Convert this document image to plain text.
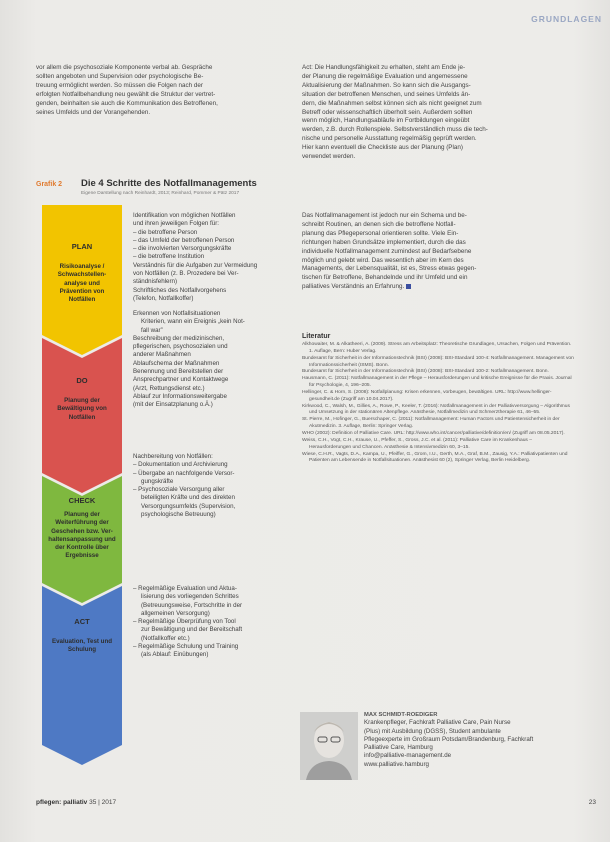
GRUNDLAGEN
vor allem die psychosoziale Komponente verbal ab. Gespräche
sollten angeboten und Supervision oder psychologische Be-
treuung ermöglicht werden. So müssen die Folgen nach der
erfolgten Notfallbehandlung neu gewählt die Struktur der vertret-
genden, beinhalten sie auch die Kommunikation des Betroffenen,
seines Umfelds und der Vorangehenden.
Act: Die Handlungsfähigkeit zu erhalten, steht am Ende je-
der Planung die regelmäßige Evaluation und angemessene
Aktualisierung der Maßnahmen. So kann sich die Ausgangs-
situation der betroffenen Menschen, und seines Umfelds än-
dern, die Maßnahmen selbst können sich als nicht geeignet zum
Betreff oder wissenschaftlich überholt sein. Außerdem sollten
wenn möglich, Handlungsabläufe im Fortbildungen eingeübt
werden, z.B. durch Rollenspiele. Selbstverständlich muss die tech-
nische und personelle Ausstattung regelmäßig geprüft werden.
Hier kann eventuell die Checkliste aus der Planung (Plan)
verwendet werden.
Das Notfallmanagement ist jedoch nur ein Schema und be-
schreibt Routinen, an denen sich die betroffene Notfall-
planung das Pflegepersonal orientieren sollte. Viele Ein-
richtungen haben Grundsätze implementiert, durch die das
individuelle Notfallmanagement zumindest auf Bedarfsebene
möglich und gelebt wird. Das wesentlich aber im Kern des
Managements, der Lebensqualität, ist es, Stress etwas gegen-
tischen für Betroffene, Behandelnde und ihr Umfeld und ein
palliatives Verständnis an Erfahrung.
Grafik 2 Die 4 Schritte des Notfallmanagements
Eigene Darstellung nach Reinhardt, 2013; Reinhard, Pommer & Pätz 2017
PLAN
Risikoanalyse /
Schwachstellen-
analyse und
Prävention von
Notfällen
DO
Planung der
Bewältigung von
Notfällen
CHECK
Planung der
Weiterführung der
Geschehen bzw. Ver-
haltensanpassung und
der Kontrolle über
Ergebnisse
ACT
Evaluation, Test und
Schulung
Identifikation von möglichen Notfällen
und ihren jeweiligen Folgen für:
– die betroffene Person
– das Umfeld der betroffenen Person
– die involvierten Versorgungskräfte
– die betroffene Institution
Verständnis für die Aufgaben zur Vermeidung
von Notfällen (z. B. Prozedere bei Ver-
ständnisfehlern)
Schriftliches des Notfallvorgehens
(Telefon, Notfallkoffer)
Erkennen von Notfallsituationen
Kriterien, wann ein Ereignis „kein Not-
fall war”
Beschreibung der medizinischen,
pflegerischen, psychosozialen und
anderer Maßnahmen
Ablaufschema der Maßnahmen
Benennung und Bereitstellen der
Ansprechpartner und Kontaktwege
(Arzt, Rettungsdienst etc.)
Ablauf zur Informationsweitergabe
(mit der Einsatzplanung o.Ä.)
Nachbereitung von Notfällen:
– Dokumentation und Archivierung
– Übergabe an nachfolgende Versor-
gungskräfte
– Psychosoziale Versorgung aller
beteiligten Kräfte und des direkten
Versorgungsumfelds (Supervision,
psychologische Betreuung)
– Regelmäßige Evaluation und Aktua-
lisierung des vorliegenden Schrittes
(Betreuungsweise, Fortschritte in der
allgemeinen Versorgung)
– Regelmäßige Überprüfung von Tool
zur Bewältigung und der Bereitschaft
(Notfallkoffer etc.)
– Regelmäßige Schulung und Training
(als Ablauf: Einübungen)
Literatur
Alkhowaiter, M. & Alkatheeri, A. (2009). Stress am Arbeitsplatz: Theoretische Grundlagen, Ursachen, Folgen und Prävention. 1. Auflage, Bern: Huber Verlag.
Bundesamt für Sicherheit in der Informationstechnik (BSI) (2008): BSI-Standard 100-4: Notfallmanagement. Management von Informationssicherheit (ISMS). Bonn.
Bundesamt für Sicherheit in der Informationstechnik (BSI) (2008): BSI-Standard 100-2: Notfallmanagement. Bonn.
Hausmann, C. (2011): Notfallmanagement in der Pflege – Herausforderungen und kritische Ereignisse für die Praxis. Journal für Psychologie, 4, 196–205.
Hellinger, C. & Horn, S. (2008): Notfallplanung: Krisen erkennen, vorbeugen, bewältigen. URL: http://www.hellinger-gesundheit.de (Zugriff am 10.04.2017).
Kirkwood, C., Walsh, M., Gillies, A., Rowe, P., Keeler, T. (2016): Notfallmanagement in der Palliativversorgung – Algorithmus und Umsetzung in der stationären Altenpflege. Anästhesie, Notfallmedizin und Schmerztherapie 61, 46–55.
St. Pierre, M., Hofinger, G., Buerschaper, C. (2011): Notfallmanagement: Human Factors und Patientensicherheit in der Akutmedizin. 3. Auflage, Berlin: Springer Verlag.
WHO (2002): Definition of Palliative Care. URL: http://www.who.int/cancer/palliative/definition/en/ (Zugriff am 08.05.2017).
Weiss, C.H., Vogt, C.H., Krause, U., Pfeffer, S., Gross, J.C. et al. (2011): Palliative Care im Krankenhaus – Herausforderungen und Chancen. Anästhesie & Intensivmedizin 60, 3–15.
Wiese, C.H.R., Vagts, D.A., Kampa, U., Pfeiffer, G., Grom, I.U., Gerth, M.A., Graf, B.M., Zausig, Y.A.: Palliativpatienten und Patienten am Lebensende in Notfallsituationen. Anästhesist 60 (2), Springer Verlag, Berlin Heidelberg.
MAX SCHMIDT-ROEDIGER
Krankenpfleger, Fachkraft Palliative Care, Pain Nurse
(Plus) mit Ausbildung (DGSS), Student ambulante
Pflegeexperte im Großraum Potsdam/Brandenburg, Fachkraft
Palliative Care, Hamburg
info@palliative-management.de
www.palliative.hamburg
pflegen: palliativ 35 | 2017	23
